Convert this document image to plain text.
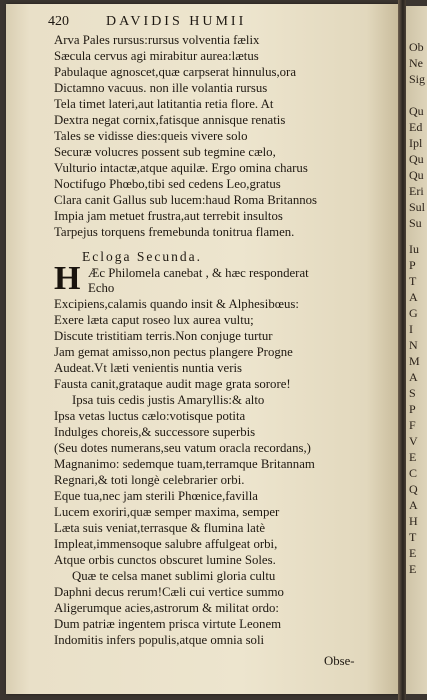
420	DAVIDIS HUMII
Arva Pales rursus:rursus volventia fælix
Sæcula cervus agi mirabitur aurea:lætus
Pabulaque agnoscet,quæ carpserat hinnulus,ora
Dictamno vacuus. non ille volantia rursus
Tela timet lateri,aut latitantia retia flore. At
Dextra negat cornix,fatisque annisque renatis
Tales se vidisse dies:queis vivere solo
Securæ volucres possent sub tegmine cælo,
Vulturio intactæ,atque aquilæ. Ergo omina charus
Noctifugo Phœbo,tibi sed cedens Leo,gratus
Clara canit Gallus sub lucem:haud Roma Britannos
Impia jam metuet frustra,aut terrebit insultos
Tarpejus torquens fremebunda tonitrua flamen.
Ecloga Secunda.
H Æc Philomela canebat , & hæc responderat
Echo
Excipiens,calamis quando insit & Alphesibœus:
Exere læta caput roseo lux aurea vultu;
Discute tristitiam terris.Non conjuge turtur
Jam gemat amisso,non pectus plangere Progne
Audeat.Vt læti venientis nuntia veris
Fausta canit,grataque audit mage grata sorore!
Ipsa tuis cedis justis Amaryllis:& alto
Ipsa vetas luctus cælo:votisque potita
Indulges choreis,& successore superbis
(Seu dotes numerans,seu vatum oracla recordans,)
Magnanimo: sedemque tuam,terramque Britannam
Regnari,& toti longè celebrarier orbi.
Eque tua,nec jam sterili Phœnice,favilla
Lucem exoriri,quæ semper maxima, semper
Læta suis veniat,terrasque & flumina latè
Impleat,immensoque salubre affulgeat orbi,
Atque orbis cunctos obscuret lumine Soles.
Quæ te celsa manet sublimi gloria cultu
Daphni decus rerum!Cæli cui vertice summo
Aligerumque acies,astrorum & militat ordo:
Dum patriæ ingentem prisca virtute Leonem
Indomitis infers populis,atque omnia soli
Obse-
Ob
Ne
Sig
Qu
Ed
Ipl
Qu
Qu
Eri
Sul
Su
Iu
P
T
A
G
I
N
M
A
S
P
F
V
E
C
Q
A
H
T
E
E
